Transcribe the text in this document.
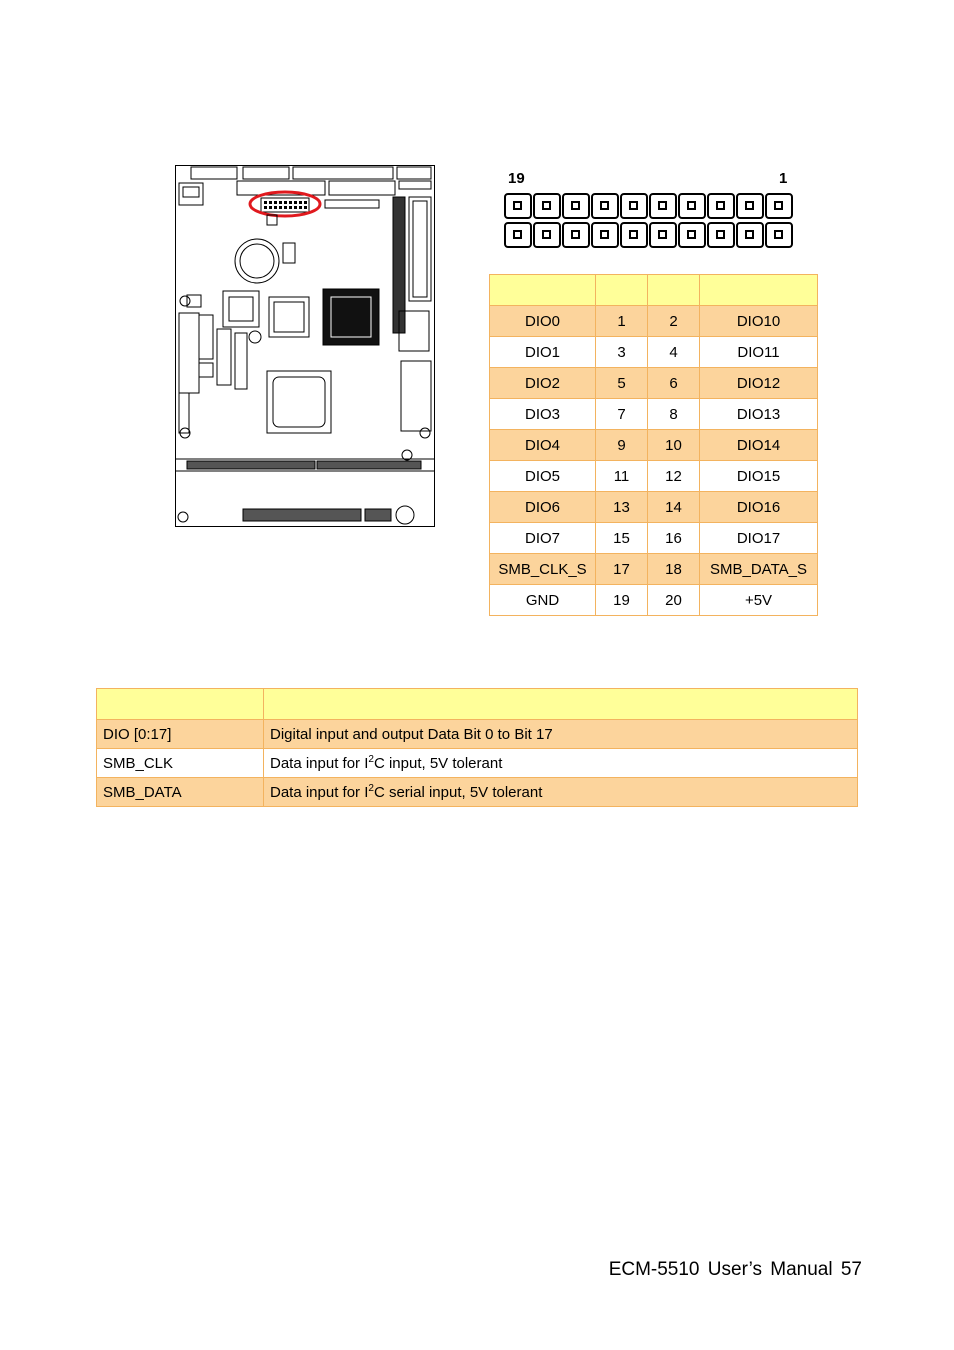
19	1

DIO0	1	2	DIO10
DIO1	3	4	DIO11
DIO2	5	6	DIO12
DIO3	7	8	DIO13
DIO4	9	10	DIO14
DIO5	11	12	DIO15
DIO6	13	14	DIO16
DIO7	15	16	DIO17
SMB_CLK_S	17	18	SMB_DATA_S
GND	19	20	+5V

DIO [0:17]	Digital input and output Data Bit 0 to Bit 17
SMB_CLK	Data input for $I^2C$ input, 5V tolerant
SMB_DATA	Data input for $I^2C$ serial input, 5V tolerant
ECM-5510 User’s Manual 57
